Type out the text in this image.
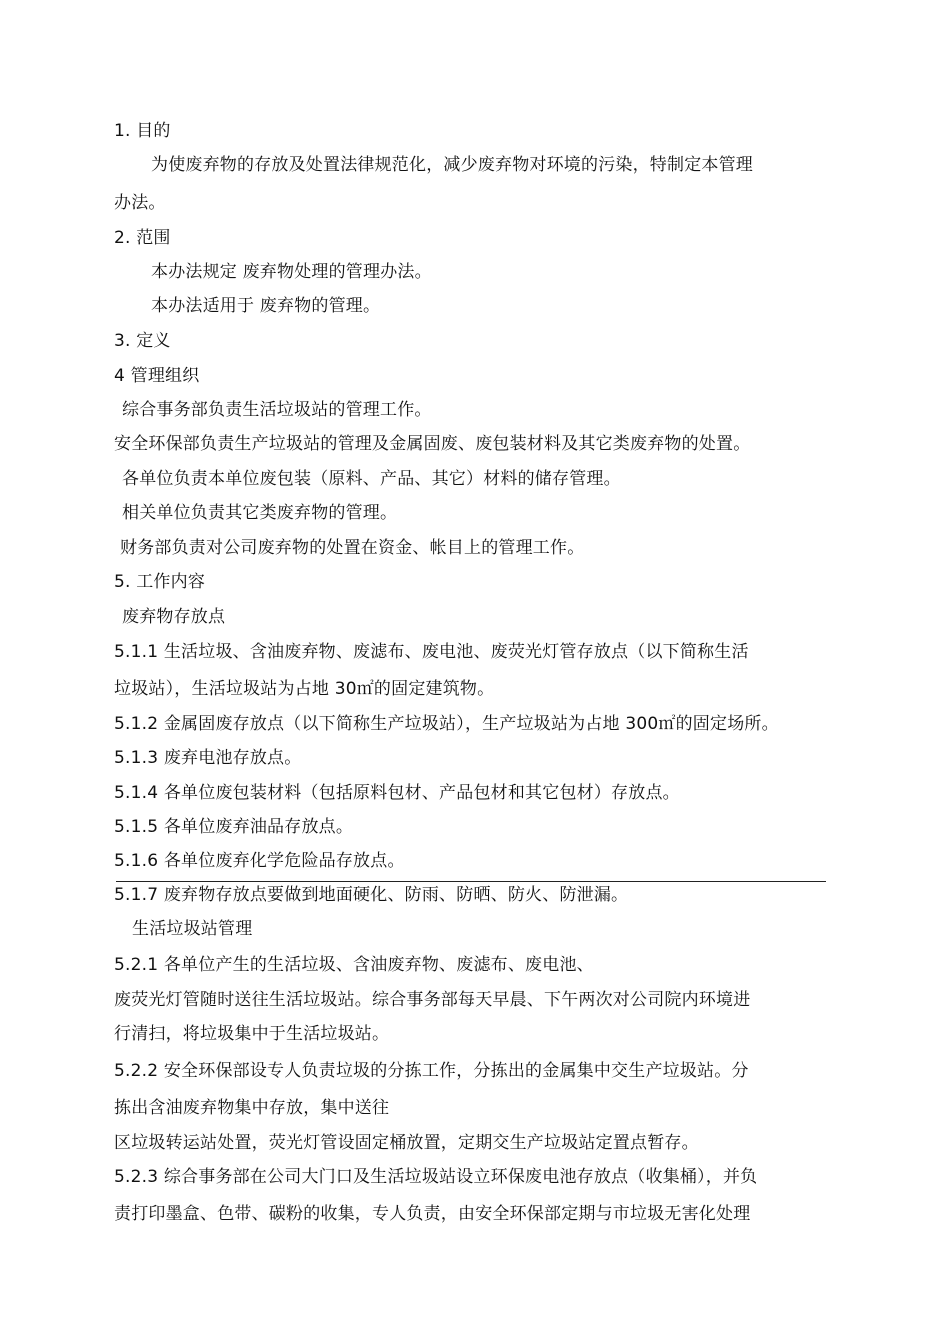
1. 目的
为使废弃物的存放及处置法律规范化，减少废弃物对环境的污染，特制定本管理
办法。
2. 范围
本办法规定 废弃物处理的管理办法。
本办法适用于 废弃物的管理。
3. 定义
4 管理组织
综合事务部负责生活垃圾站的管理工作。
安全环保部负责生产垃圾站的管理及金属固废、废包装材料及其它类废弃物的处置。
各单位负责本单位废包装（原料、产品、其它）材料的储存管理。
相关单位负责其它类废弃物的管理。
财务部负责对公司废弃物的处置在资金、帐目上的管理工作。
5. 工作内容
废弃物存放点
5.1.1 生活垃圾、含油废弃物、废滤布、废电池、废荧光灯管存放点（以下简称生活
垃圾站），生活垃圾站为占地 30㎡的固定建筑物。
5.1.2 金属固废存放点（以下简称生产垃圾站），生产垃圾站为占地 300㎡的固定场所。
5.1.3 废弃电池存放点。
5.1.4 各单位废包装材料（包括原料包材、产品包材和其它包材）存放点。
5.1.5 各单位废弃油品存放点。
5.1.6 各单位废弃化学危险品存放点。
5.1.7 废弃物存放点要做到地面硬化、防雨、防晒、防火、防泄漏。
生活垃圾站管理
5.2.1 各单位产生的生活垃圾、含油废弃物、废滤布、废电池、
废荧光灯管随时送往生活垃圾站。综合事务部每天早晨、下午两次对公司院内环境进
行清扫，将垃圾集中于生活垃圾站。
5.2.2 安全环保部设专人负责垃圾的分拣工作，分拣出的金属集中交生产垃圾站。分
拣出含油废弃物集中存放，集中送往
区垃圾转运站处置，荧光灯管设固定桶放置，定期交生产垃圾站定置点暂存。
5.2.3 综合事务部在公司大门口及生活垃圾站设立环保废电池存放点（收集桶），并负
责打印墨盒、色带、碳粉的收集，专人负责，由安全环保部定期与市垃圾无害化处理
